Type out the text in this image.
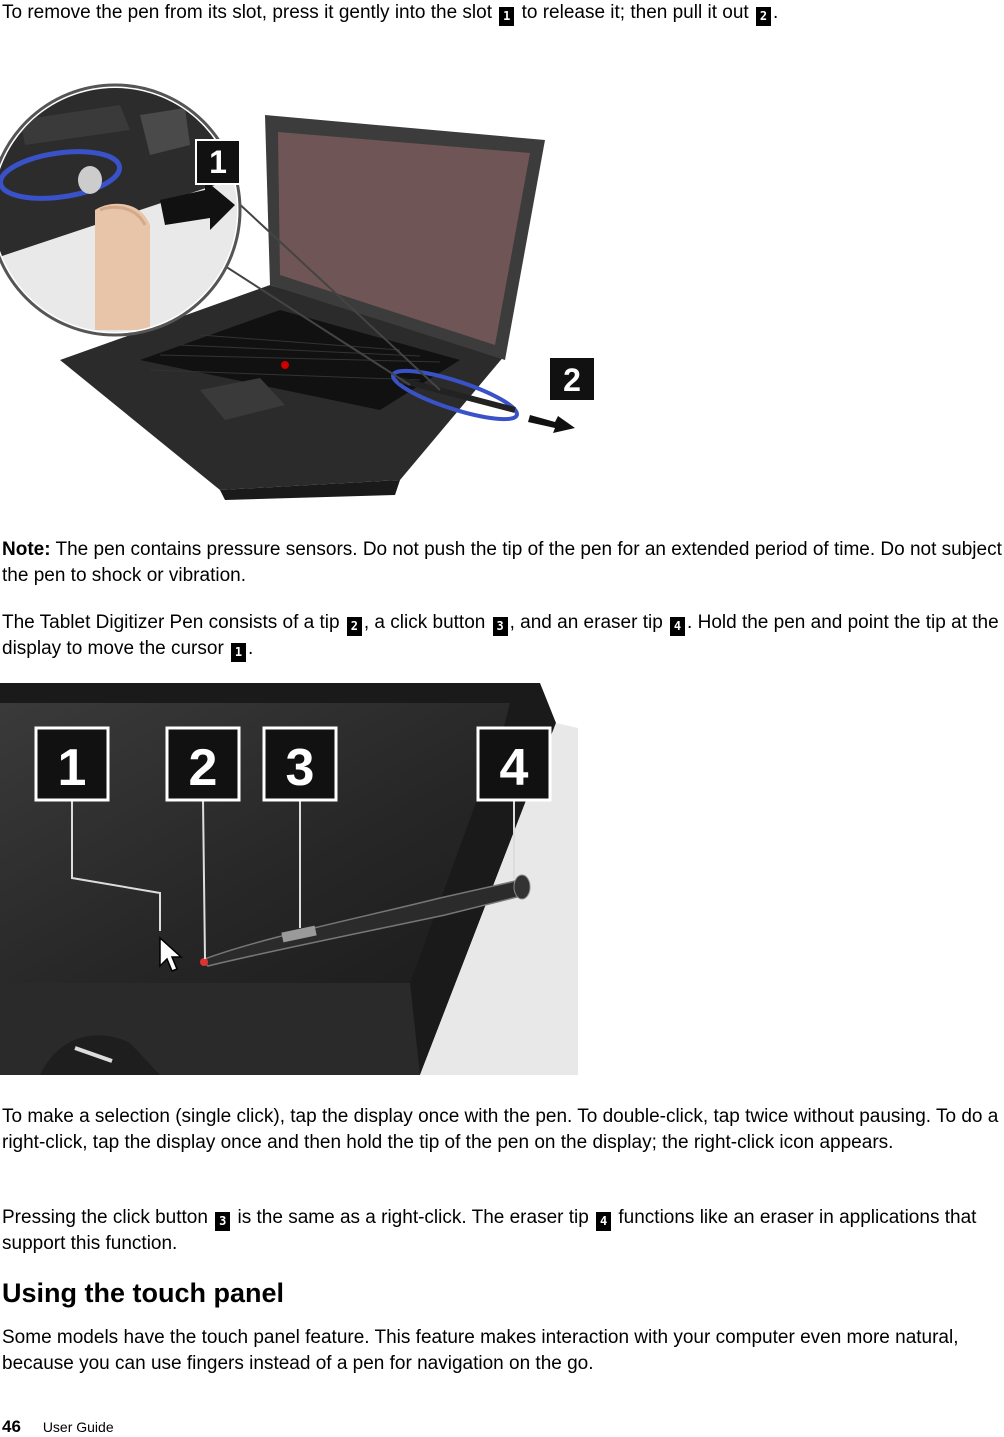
To remove the pen from its slot, press it gently into the slot 1 to release it; then pull it out 2 .
1
2
Note: The pen contains pressure sensors. Do not push the tip of the pen for an extended period of time. Do not subject the pen to shock or vibration.
The Tablet Digitizer Pen consists of a tip 2 , a click button 3 , and an eraser tip 4 . Hold the pen and point the tip at the display to move the cursor 1 .
1 2 3	4
To make a selection (single click), tap the display once with the pen. To double-click, tap twice without pausing. To do a right-click, tap the display once and then hold the tip of the pen on the display; the right-click icon appears.
Pressing the click button 3 is the same as a right-click. The eraser tip 4 functions like an eraser in applications that support this function.
Using the touch panel
Some models have the touch panel feature. This feature makes interaction with your computer even more natural, because you can use fingers instead of a pen for navigation on the go.
46 User Guide
